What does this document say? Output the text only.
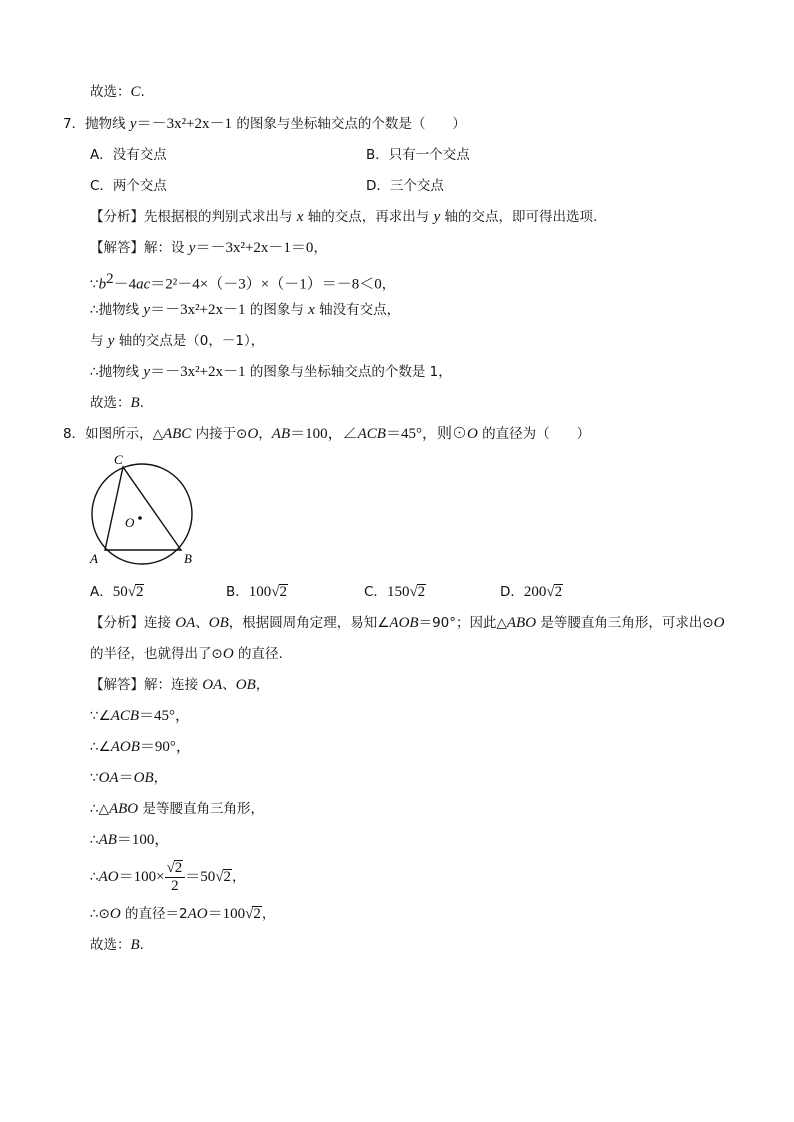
故选：C.
7．抛物线 y＝－3x²+2x－1 的图象与坐标轴交点的个数是（　　）
A．没有交点	B．只有一个交点
C．两个交点	D．三个交点
【分析】先根据根的判别式求出与 x 轴的交点，再求出与 y 轴的交点，即可得出选项.
【解答】解：设 y＝－3x²+2x－1＝0，
$\because b^2-4ac=2^2-4\times(-3)\times(-1)=-8<0$，
∴抛物线 y＝－3x²+2x－1 的图象与 x 轴没有交点，
与 y 轴的交点是（0，－1），
∴抛物线 y＝－3x²+2x－1 的图象与坐标轴交点的个数是 1，
故选：B.
8．如图所示，△ABC 内接于⊙O，AB＝100，∠ACB＝45°，则⊙O 的直径为（　　）
C
O
A	B
A．50√2	B．100√2	C．150√2	D．200√2
【分析】连接 OA、OB，根据圆周角定理，易知∠AOB＝90°；因此△ABO 是等腰直角三角形，可求出⊙O
的半径，也就得出了⊙O 的直径.
【解答】解：连接 OA、OB，
∵∠ACB＝45°，
∴∠AOB＝90°，
∵OA＝OB，
∴△ABO 是等腰直角三角形，
∴AB＝100，
∴AO＝100× $\frac{√2}{2} =50√2$，
∴⊙O 的直径＝2AO＝100√2，
故选：B.
